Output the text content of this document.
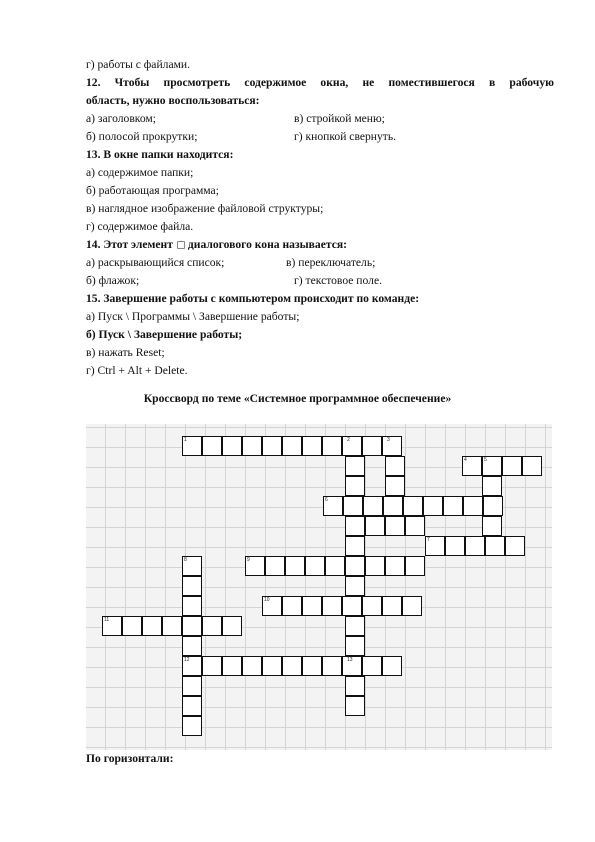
г) работы с файлами.
12. Чтобы просмотреть содержимое окна, не поместившегося в рабочую
область, нужно воспользоваться:
а) заголовком;	в) стройкой меню;
б) полосой прокрутки;	г) кнопкой свернуть.
13. В окне папки находится:
а) содержимое папки;
б) работающая программа;
в) наглядное изображение файловой структуры;
г) содержимое файла.
14. Этот элемент ˅ диалогового кона называется:
а) раскрывающийся список;	в) переключатель;
б) флажок;	г) текстовое поле.
15. Завершение работы с компьютером происходит по команде:
а) Пуск \ Программы \ Завершение работы;
б) Пуск \ Завершение работы;
в) нажать Reset;
г) Ctrl + Alt + Delete.
Кроссворд по теме «Системное программное обеспечение»
1	2	3
4	5
6
7
8	9
10
11
12	13
По горизонтали:
